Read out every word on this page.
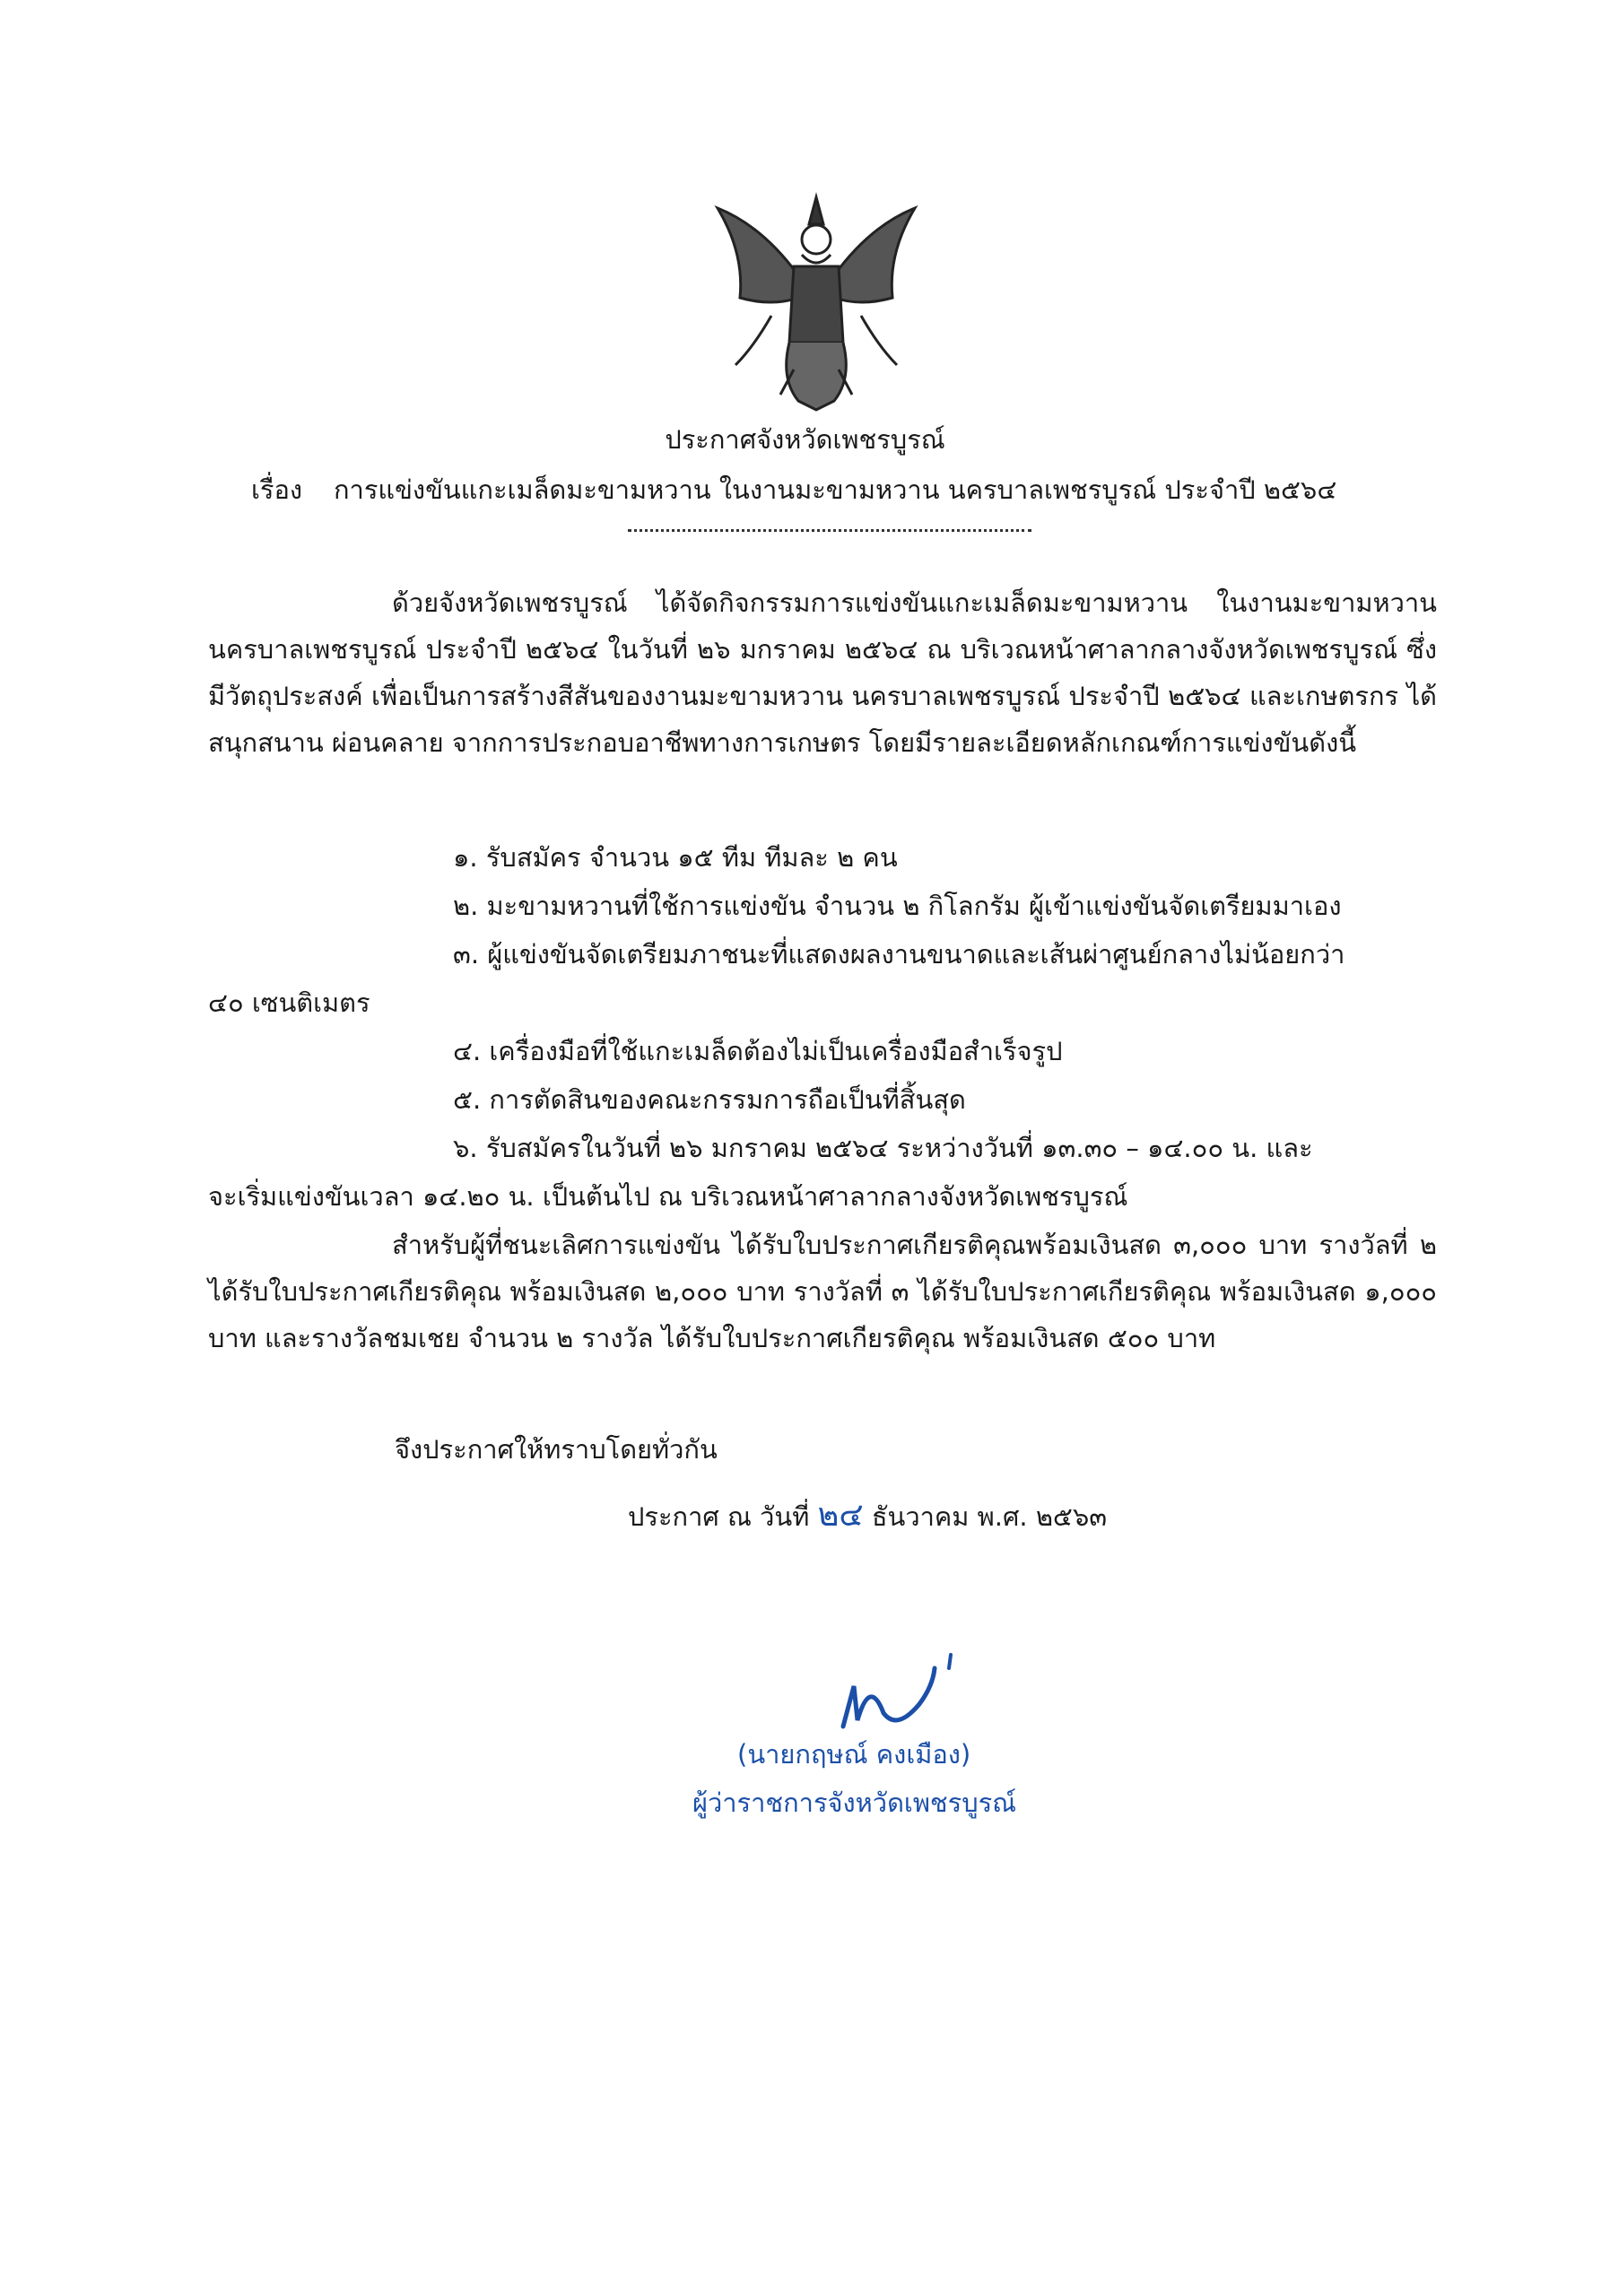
ประกาศจังหวัดเพชรบูรณ์
เรื่อง การแข่งขันแกะเมล็ดมะขามหวาน ในงานมะขามหวาน นครบาลเพชรบูรณ์ ประจำปี ๒๕๖๔
ด้วยจังหวัดเพชรบูรณ์ ได้จัดกิจกรรมการแข่งขันแกะเมล็ดมะขามหวาน ในงานมะขามหวาน นครบาลเพชรบูรณ์ ประจำปี ๒๕๖๔ ในวันที่ ๒๖ มกราคม ๒๕๖๔ ณ บริเวณหน้าศาลากลางจังหวัดเพชรบูรณ์ ซึ่งมีวัตถุประสงค์ เพื่อเป็นการสร้างสีสันของงานมะขามหวาน นครบาลเพชรบูรณ์ ประจำปี ๒๕๖๔ และเกษตรกร ได้สนุกสนาน ผ่อนคลาย จากการประกอบอาชีพทางการเกษตร โดยมีรายละเอียดหลักเกณฑ์การแข่งขันดังนี้
๑. รับสมัคร จำนวน ๑๕ ทีม ทีมละ ๒ คน
๒. มะขามหวานที่ใช้การแข่งขัน จำนวน ๒ กิโลกรัม ผู้เข้าแข่งขันจัดเตรียมมาเอง
๓. ผู้แข่งขันจัดเตรียมภาชนะที่แสดงผลงานขนาดและเส้นผ่าศูนย์กลางไม่น้อยกว่า
๔๐ เซนติเมตร
๔. เครื่องมือที่ใช้แกะเมล็ดต้องไม่เป็นเครื่องมือสำเร็จรูป
๕. การตัดสินของคณะกรรมการถือเป็นที่สิ้นสุด
๖. รับสมัครในวันที่ ๒๖ มกราคม ๒๕๖๔ ระหว่างวันที่ ๑๓.๓๐ – ๑๔.๐๐ น. และ
จะเริ่มแข่งขันเวลา ๑๔.๒๐ น. เป็นต้นไป ณ บริเวณหน้าศาลากลางจังหวัดเพชรบูรณ์
สำหรับผู้ที่ชนะเลิศการแข่งขัน ได้รับใบประกาศเกียรติคุณพร้อมเงินสด ๓,๐๐๐ บาท รางวัลที่ ๒ ได้รับใบประกาศเกียรติคุณ พร้อมเงินสด ๒,๐๐๐ บาท รางวัลที่ ๓ ได้รับใบประกาศเกียรติคุณ พร้อมเงินสด ๑,๐๐๐ บาท และรางวัลชมเชย จำนวน ๒ รางวัล ได้รับใบประกาศเกียรติคุณ พร้อมเงินสด ๕๐๐ บาท
จึงประกาศให้ทราบโดยทั่วกัน
ประกาศ ณ วันที่ ๒๔ ธันวาคม พ.ศ. ๒๕๖๓
(นายกฤษณ์ คงเมือง)
ผู้ว่าราชการจังหวัดเพชรบูรณ์
